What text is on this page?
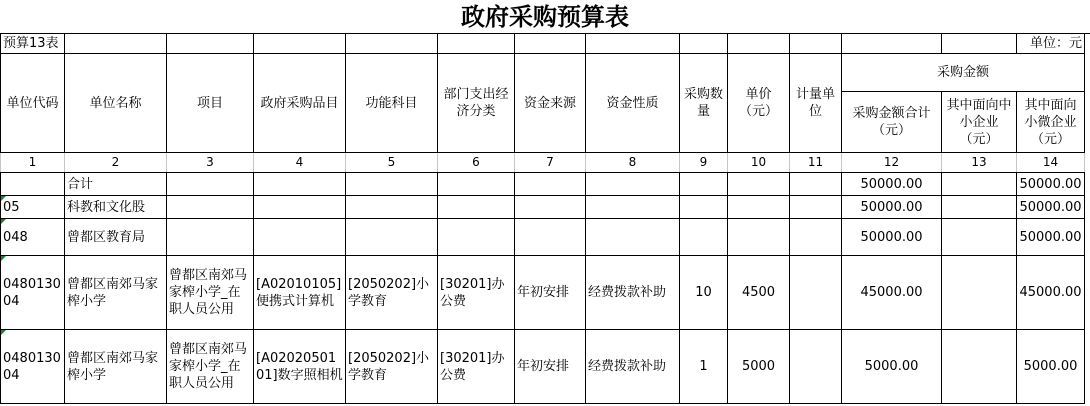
政府采购预算表
预算13表													单位：元
单位代码	单位名称	项目	政府采购品目	功能科目	部门支出经济分类	资金来源	资金性质	采购数量	单价（元）	计量单位	采购金额		
											采购金额合计（元）	其中面向中小企业（元）	其中面向小微企业（元）
1	2	3	4	5	6	7	8	9	10	11	12	13	14
	合计										50000.00		50000.00
05	科教和文化股										50000.00		50000.00
048	曾都区教育局										50000.00		50000.00
048013004	曾都区南郊马家榨小学	曾都区南郊马家榨小学_在职人员公用	[A02010105]便携式计算机	[2050202]小学教育	[30201]办公费	年初安排	经费拨款补助	10	4500		45000.00		45000.00
048013004	曾都区南郊马家榨小学	曾都区南郊马家榨小学_在职人员公用	[A0202050101]数字照相机	[2050202]小学教育	[30201]办公费	年初安排	经费拨款补助	1	5000		5000.00		5000.00
